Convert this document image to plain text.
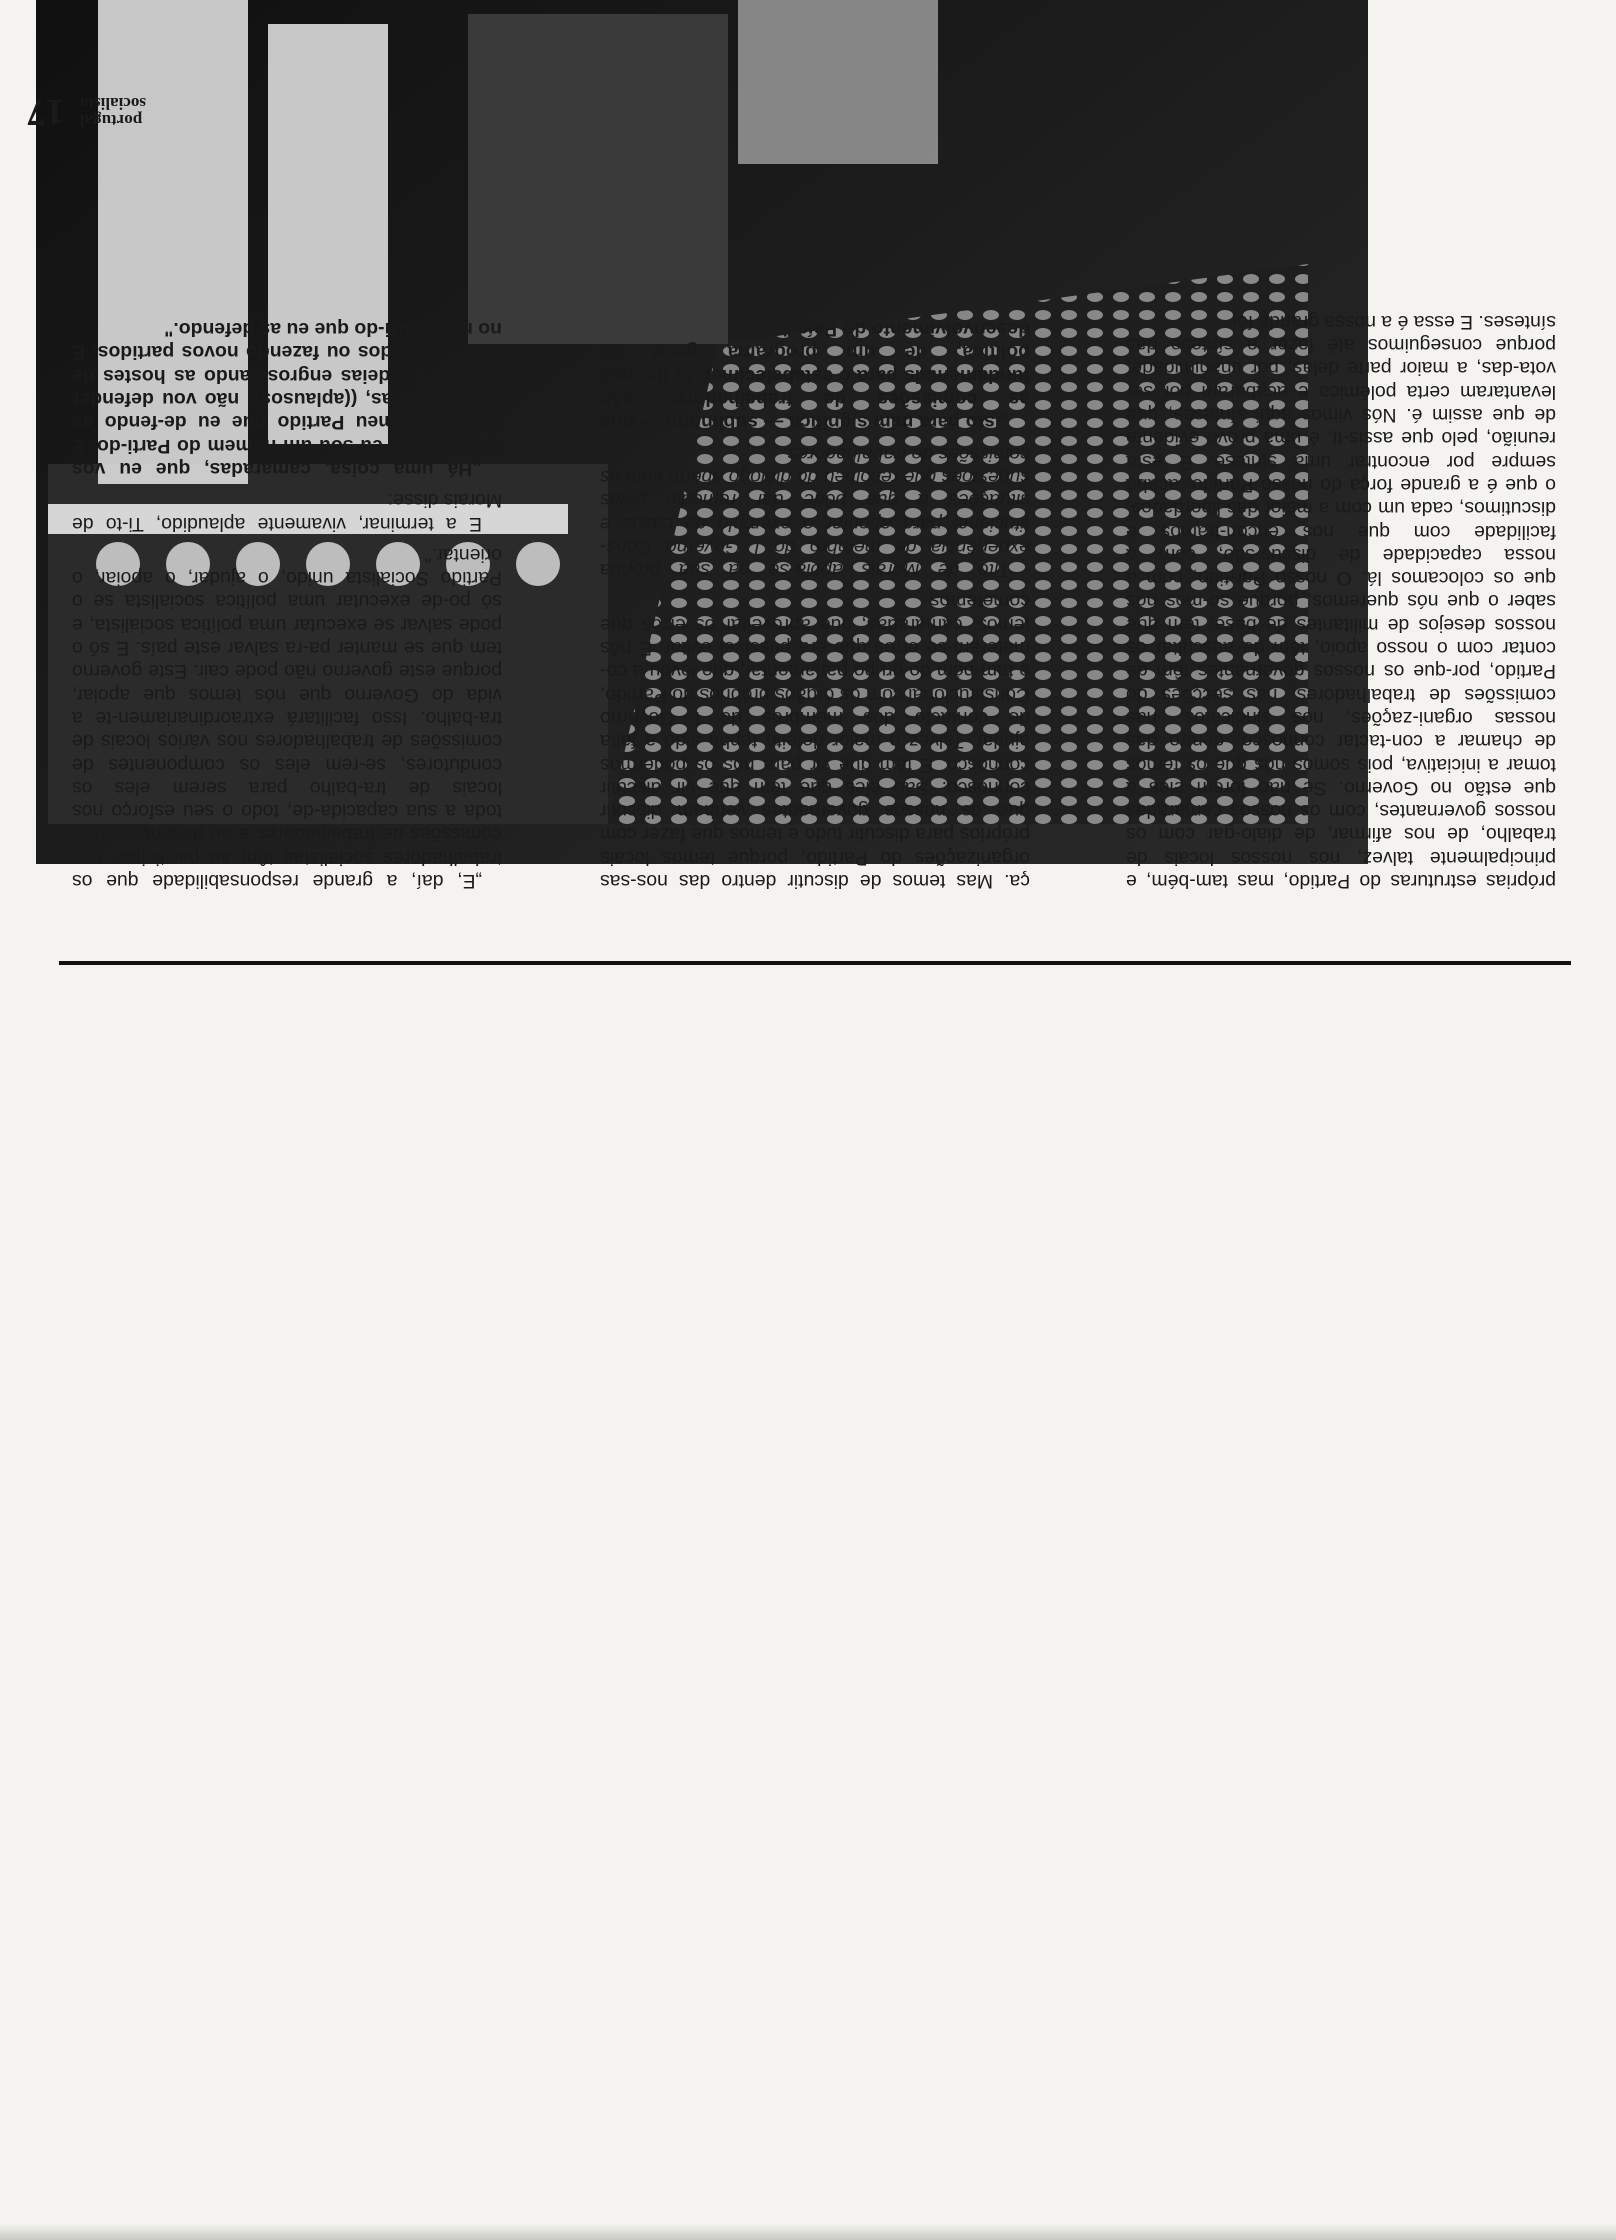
próprias estruturas do Partido, mas tam-bém, e principalmente talvez, nos nossos locais de trabalho, de nos afirmar, de dialo-gar com os nossos governantes, com os nossos camaradas que estão no Governo. Se não forem eles a tomar a iniciativa, pois somos nós que os temos de chamar a con-tactar connosco, dentro das nossas organi-zações, nos sindicatos, nas comissões de trabalhadores, nas secções do Partido, por-que os nossos governantes têm de contar com o nosso apoio, têm de auscultar os nossos desejos de militantes de base, têm que saber o que nós queremos, porque so-mos nós que os colocamos lá. O nosso Par-tido, com a nossa capacidade de discus-são, com a facilidade com que nos encon-tramos e discutimos, cada um com a maior das liberdades, o que é a grande força do nosso Partido, acaba sempre por encontrar uma síntese. E esta reunião, pelo que assis-ti, é uma prova evidente de que assim é. Nós vimos aqui sínteses, que levantaram certa polémica e acabaram por ser vota-das, a maior parte delas, por unanimidade, porque conseguimos até fazer a síntese das sínteses. E essa é a nossa grande for-

ça. Mas temos de discutir dentro das nos-sas organizações do Partido, porque temos locais próprios para discutir tudo e temos que fazer com que os nossos governantes venham discutir connosco. São eles que têm que vir discutir connosco. E têm que vir para nós os podermos ajudar. Talvez o maior defeito tenha sido a falta de contacto dos membros do I Governo Constitucional com os orgãos próprios do Partido, e tam-bém do grupo parlamentar, que levou a co-meterem-se erros que era possível evitar. E nós temos, camaradas, que aproveitar os erros que cometemos.

Tito de Morais apoia-se na sua própria experiência de membro do I Governo Cons-titucional para apontar o exemplo de casos e situações a que pôde dar remédio pelas sugestões que recolheu do diálogo aberto com as comissões de trabalhadores.

„Isto para mim significa — sublinhou — que as comissões de trabalhadores são fundamentais para o estabelecimen-to de uma política, de um programa geral de desenvolvimento do País."

„E, daí, a grande responsabilidade que os trabalhadores socialistas têm ao par-ticipar nas comissões de trabalhadores e ao desenvolverem toda a sua capacida-de, todo o seu esforço nos locais de tra-balho para serem eles os condutores, se-rem eles os componentes de comissões de trabalhadores nos vários locais de tra-balho. Isso facilitará extraordinariamen-te a vida do Governo que nós temos que apoiar, porque este governo não pode cair. Este governo tem que se manter pa-ra salvar este país. E só o pode salvar se executar uma política socialista, e só po-de executar uma política socialista se o Partido Socialista unido, o ajudar, o apoiar, o orientar."

E a terminar, vivamente aplaudido, Ti-to de Morais disse:

„Há uma coisa, camaradas, que eu vos quero dizer: eu sou um homem do Parti-do. É dentro do meu Partido que eu de-fendo as minhas ideias, ((aplausos)) não vou defender as minhas ideias engros-sando as hostes de outros partidos ou fazendo novos partidos. É no meu Parti-do que eu as defendo."

portugal
socialista
17
